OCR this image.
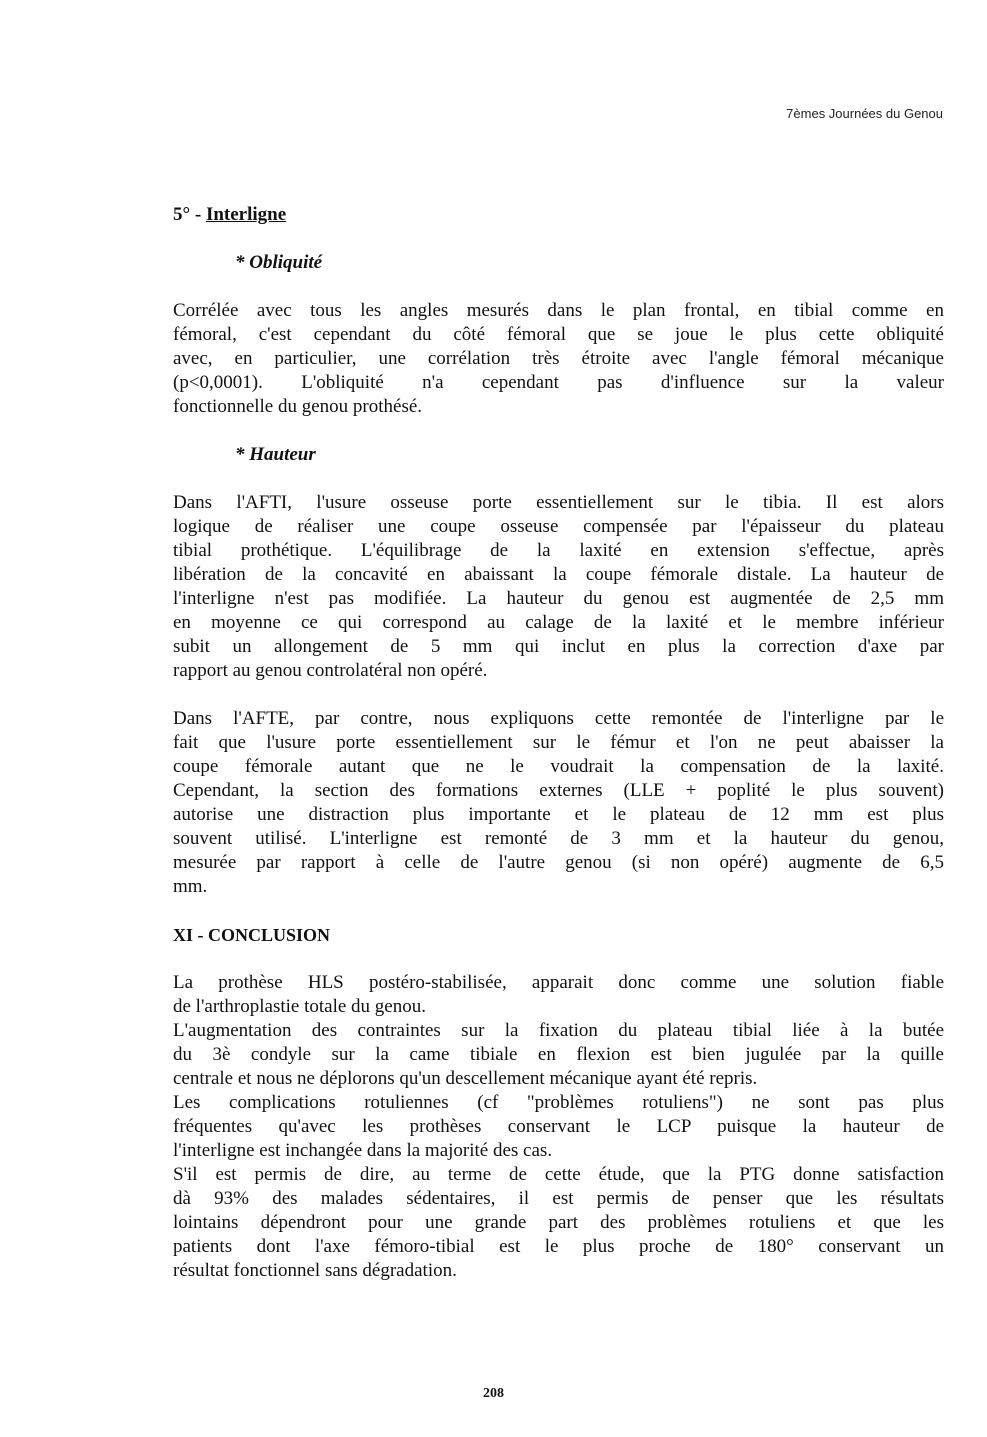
7èmes Journées du Genou
5° - Interligne
* Obliquité

Corrélée avec tous les angles mesurés dans le plan frontal, en tibial comme en
fémoral, c'est cependant du côté fémoral que se joue le plus cette obliquité
avec, en particulier, une corrélation très étroite avec l'angle fémoral mécanique
(p<0,0001). L'obliquité n'a cependant pas d'influence sur la valeur
fonctionnelle du genou prothésé.

* Hauteur

Dans l'AFTI, l'usure osseuse porte essentiellement sur le tibia. Il est alors
logique de réaliser une coupe osseuse compensée par l'épaisseur du plateau
tibial prothétique. L'équilibrage de la laxité en extension s'effectue, après
libération de la concavité en abaissant la coupe fémorale distale. La hauteur de
l'interligne n'est pas modifiée. La hauteur du genou est augmentée de 2,5 mm
en moyenne ce qui correspond au calage de la laxité et le membre inférieur
subit un allongement de 5 mm qui inclut en plus la correction d'axe par
rapport au genou controlatéral non opéré.

Dans l'AFTE, par contre, nous expliquons cette remontée de l'interligne par le
fait que l'usure porte essentiellement sur le fémur et l'on ne peut abaisser la
coupe fémorale autant que ne le voudrait la compensation de la laxité.
Cependant, la section des formations externes (LLE + poplité le plus souvent)
autorise une distraction plus importante et le plateau de 12 mm est plus
souvent utilisé. L'interligne est remonté de 3 mm et la hauteur du genou,
mesurée par rapport à celle de l'autre genou (si non opéré) augmente de 6,5
mm.

XI - CONCLUSION

La prothèse HLS postéro-stabilisée, apparait donc comme une solution fiable
de l'arthroplastie totale du genou.
L'augmentation des contraintes sur la fixation du plateau tibial liée à la butée
du 3è condyle sur la came tibiale en flexion est bien jugulée par la quille
centrale et nous ne déplorons qu'un descellement mécanique ayant été repris.
Les complications rotuliennes (cf "problèmes rotuliens") ne sont pas plus
fréquentes qu'avec les prothèses conservant le LCP puisque la hauteur de
l'interligne est inchangée dans la majorité des cas.
S'il est permis de dire, au terme de cette étude, que la PTG donne satisfaction
dà 93% des malades sédentaires, il est permis de penser que les résultats
lointains dépendront pour une grande part des problèmes rotuliens et que les
patients dont l'axe fémoro-tibial est le plus proche de 180° conservant un
résultat fonctionnel sans dégradation.

208
